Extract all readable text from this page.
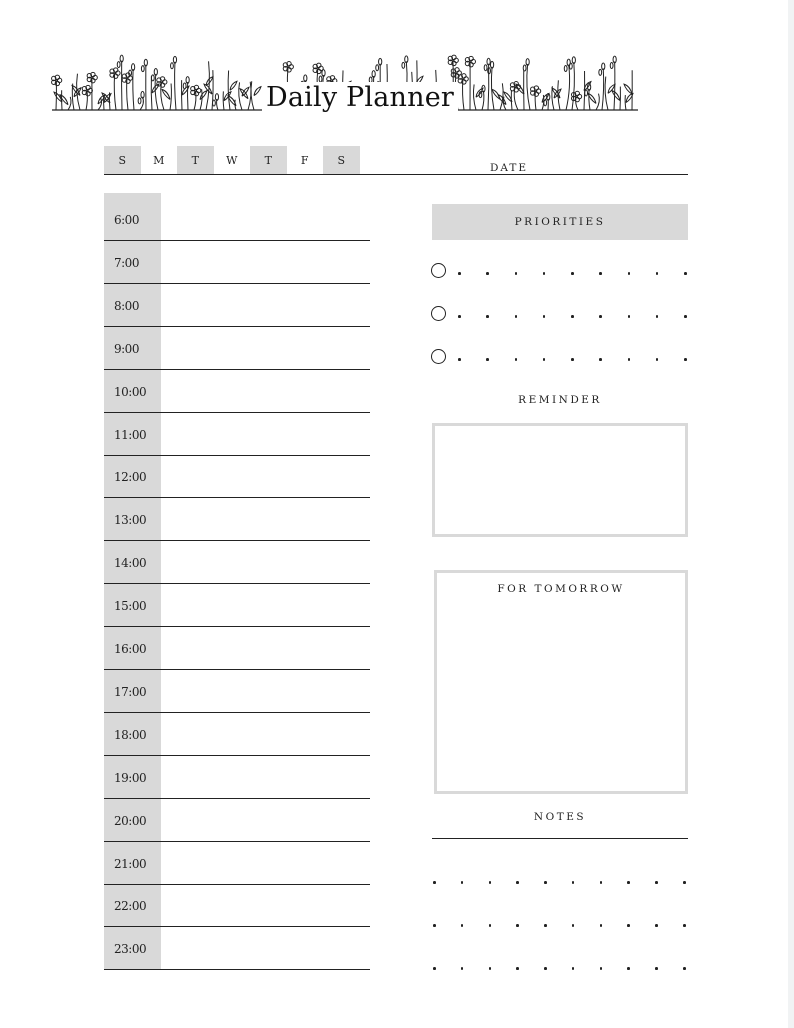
Daily Planner
S	M	T	W	T	F	S
DATE
6:00
7:00
8:00
9:00
10:00
11:00
12:00
13:00
14:00
15:00
16:00
17:00
18:00
19:00
20:00
21:00
22:00
23:00
PRIORITIES
REMINDER
FOR TOMORROW
NOTES
